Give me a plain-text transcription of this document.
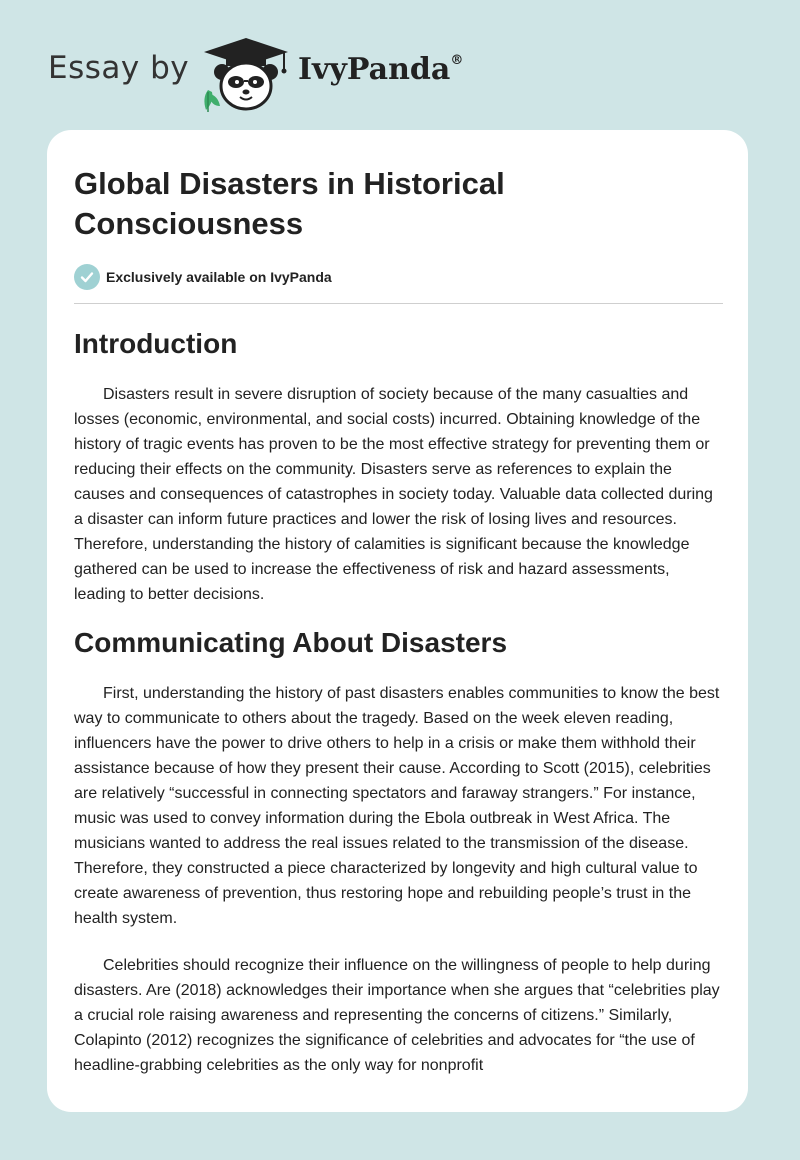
Essay by	IvyPanda®
Global Disasters in Historical Consciousness
Exclusively available on IvyPanda
Introduction

Disasters result in severe disruption of society because of the many casualties and losses (economic, environmental, and social costs) incurred. Obtaining knowledge of the history of tragic events has proven to be the most effective strategy for preventing them or reducing their effects on the community. Disasters serve as references to explain the causes and consequences of catastrophes in society today. Valuable data collected during a disaster can inform future practices and lower the risk of losing lives and resources. Therefore, understanding the history of calamities is significant because the knowledge gathered can be used to increase the effectiveness of risk and hazard assessments, leading to better decisions.

Communicating About Disasters

First, understanding the history of past disasters enables communities to know the best way to communicate to others about the tragedy. Based on the week eleven reading, influencers have the power to drive others to help in a crisis or make them withhold their assistance because of how they present their cause. According to Scott (2015), celebrities are relatively “successful in connecting spectators and faraway strangers.” For instance, music was used to convey information during the Ebola outbreak in West Africa. The musicians wanted to address the real issues related to the transmission of the disease. Therefore, they constructed a piece characterized by longevity and high cultural value to create awareness of prevention, thus restoring hope and rebuilding people’s trust in the health system.

Celebrities should recognize their influence on the willingness of people to help during disasters. Are (2018) acknowledges their importance when she argues that “celebrities play a crucial role raising awareness and representing the concerns of citizens.” Similarly, Colapinto (2012) recognizes the significance of celebrities and advocates for “the use of headline-grabbing celebrities as the only way for nonprofit
